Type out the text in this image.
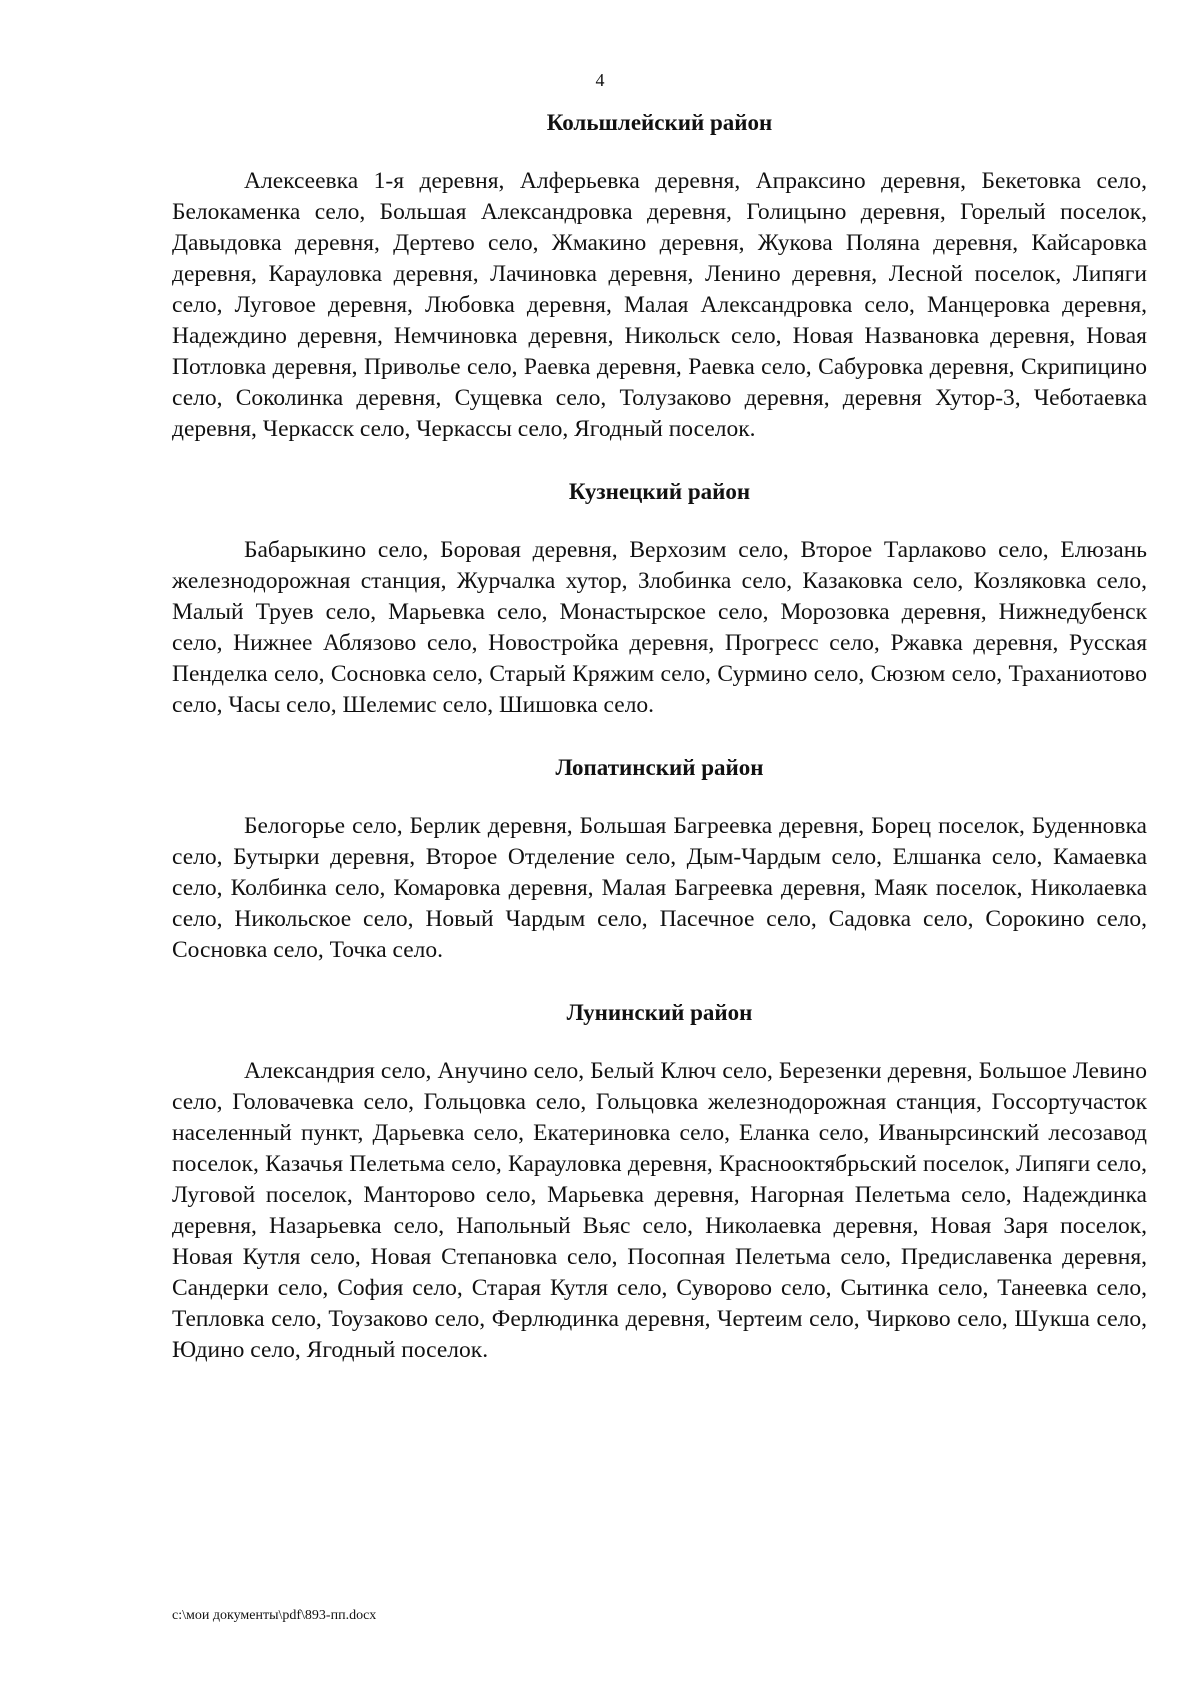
4
Кольшлейский район
Алексеевка 1-я деревня, Алферьевка деревня, Апраксино деревня, Бекетовка село, Белокаменка село, Большая Александровка деревня, Голицыно деревня, Горелый поселок, Давыдовка деревня, Дертево село, Жмакино деревня, Жукова Поляна деревня, Кайсаровка деревня, Карауловка деревня, Лачиновка деревня, Ленино деревня, Лесной поселок, Липяги село, Луговое деревня, Любовка деревня, Малая Александровка село, Манцеровка деревня, Надеждино деревня, Немчиновка деревня, Никольск село, Новая Названовка деревня, Новая Потловка деревня, Приволье село, Раевка деревня, Раевка село, Сабуровка деревня, Скрипицино село, Соколинка деревня, Сущевка село, Толузаково деревня, деревня Хутор-3, Чеботаевка деревня, Черкасск село, Черкассы село, Ягодный поселок.
Кузнецкий район
Бабарыкино село, Боровая деревня, Верхозим село, Второе Тарлаково село, Елюзань железнодорожная станция, Журчалка хутор, Злобинка село, Казаковка село, Козляковка село, Малый Труев село, Марьевка село, Монастырское село, Морозовка деревня, Нижнедубенск село, Нижнее Аблязово село, Новостройка деревня, Прогресс село, Ржавка деревня, Русская Пенделка село, Сосновка село, Старый Кряжим село, Сурмино село, Сюзюм село, Траханиотово село, Часы село, Шелемис село, Шишовка село.
Лопатинский район
Белогорье село, Берлик деревня, Большая Багреевка деревня, Борец поселок, Буденновка село, Бутырки деревня, Второе Отделение село, Дым-Чардым село, Елшанка село, Камаевка село, Колбинка село, Комаровка деревня, Малая Багреевка деревня, Маяк поселок, Николаевка село, Никольское село, Новый Чардым село, Пасечное село, Садовка село, Сорокино село, Сосновка село, Точка село.
Лунинский район
Александрия село, Анучино село, Белый Ключ село, Березенки деревня, Большое Левино село, Головачевка село, Гольцовка село, Гольцовка железнодорожная станция, Госсортучасток населенный пункт, Дарьевка село, Екатериновка село, Еланка село, Иванырсинский лесозавод поселок, Казачья Пелетьма село, Карауловка деревня, Краснооктябрьский поселок, Липяги село, Луговой поселок, Манторово село, Марьевка деревня, Нагорная Пелетьма село, Надеждинка деревня, Назарьевка село, Напольный Вьяс село, Николаевка деревня, Новая Заря поселок, Новая Кутля село, Новая Степановка село, Посопная Пелетьма село, Предиславенка деревня, Сандерки село, София село, Старая Кутля село, Суворово село, Сытинка село, Танеевка село, Тепловка село, Тоузаково село, Ферлюдинка деревня, Чертеим село, Чирково село, Шукша село, Юдино село, Ягодный поселок.
c:\мои документы\pdf\893-пп.docx
